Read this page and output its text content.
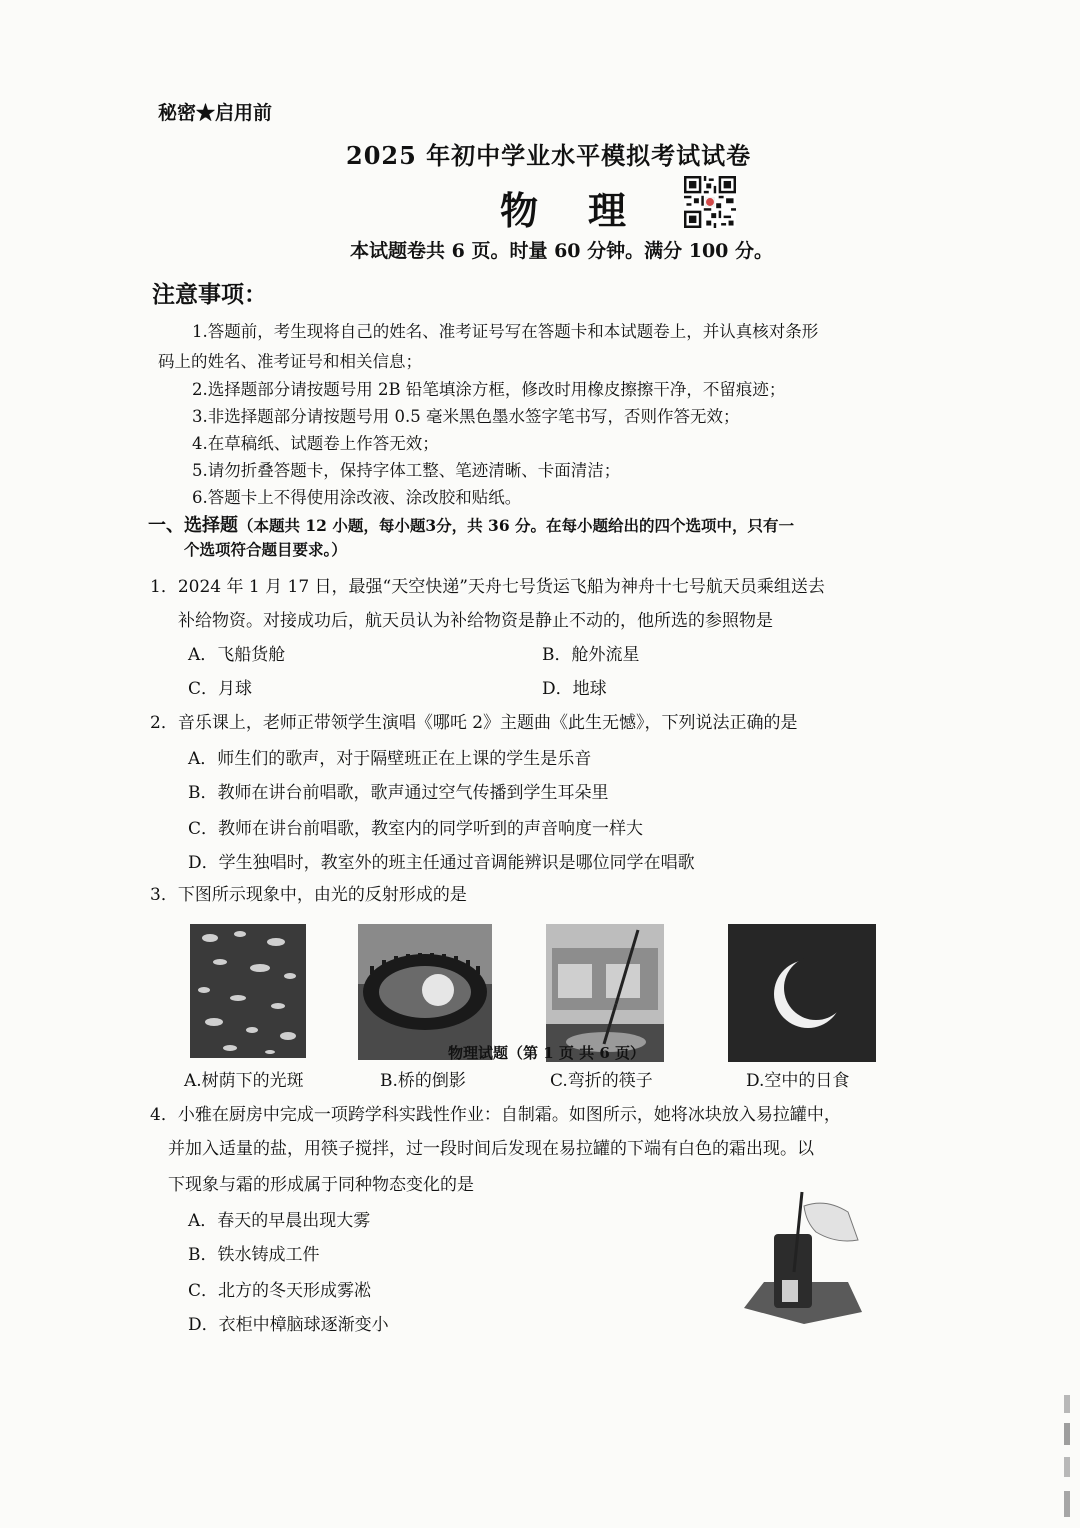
秘密★启用前
2025 年初中学业水平模拟考试试卷
物理
本试题卷共 6 页。时量 60 分钟。满分 100 分。
注意事项：
1.答题前，考生现将自己的姓名、准考证号写在答题卡和本试题卷上，并认真核对条形
码上的姓名、准考证号和相关信息；
2.选择题部分请按题号用 2B 铅笔填涂方框，修改时用橡皮擦擦干净，不留痕迹；
3.非选择题部分请按题号用 0.5 毫米黑色墨水签字笔书写，否则作答无效；
4.在草稿纸、试题卷上作答无效；
5.请勿折叠答题卡，保持字体工整、笔迹清晰、卡面清洁；
6.答题卡上不得使用涂改液、涂改胶和贴纸。
一、选择题（本题共 12 小题，每小题3分，共 36 分。在每小题给出的四个选项中，只有一
个选项符合题目要求。）
1．2024 年 1 月 17 日，最强“天空快递”天舟七号货运飞船为神舟十七号航天员乘组送去
补给物资。对接成功后，航天员认为补给物资是静止不动的，他所选的参照物是
A．飞船货舱	B．舱外流星
C．月球	D．地球
2．音乐课上，老师正带领学生演唱《哪吒 2》主题曲《此生无憾》，下列说法正确的是
A．师生们的歌声，对于隔壁班正在上课的学生是乐音
B．教师在讲台前唱歌，歌声通过空气传播到学生耳朵里
C．教师在讲台前唱歌，教室内的同学听到的声音响度一样大
D．学生独唱时，教室外的班主任通过音调能辨识是哪位同学在唱歌
3．下图所示现象中，由光的反射形成的是
A.树荫下的光斑	B.桥的倒影	C.弯折的筷子	D.空中的日食
4．小雅在厨房中完成一项跨学科实践性作业：自制霜。如图所示，她将冰块放入易拉罐中，
并加入适量的盐，用筷子搅拌，过一段时间后发现在易拉罐的下端有白色的霜出现。以
下现象与霜的形成属于同种物态变化的是
A．春天的早晨出现大雾
B．铁水铸成工件
C．北方的冬天形成雾凇
D．衣柜中樟脑球逐渐变小
物理试题（第 1 页 共 6 页）
